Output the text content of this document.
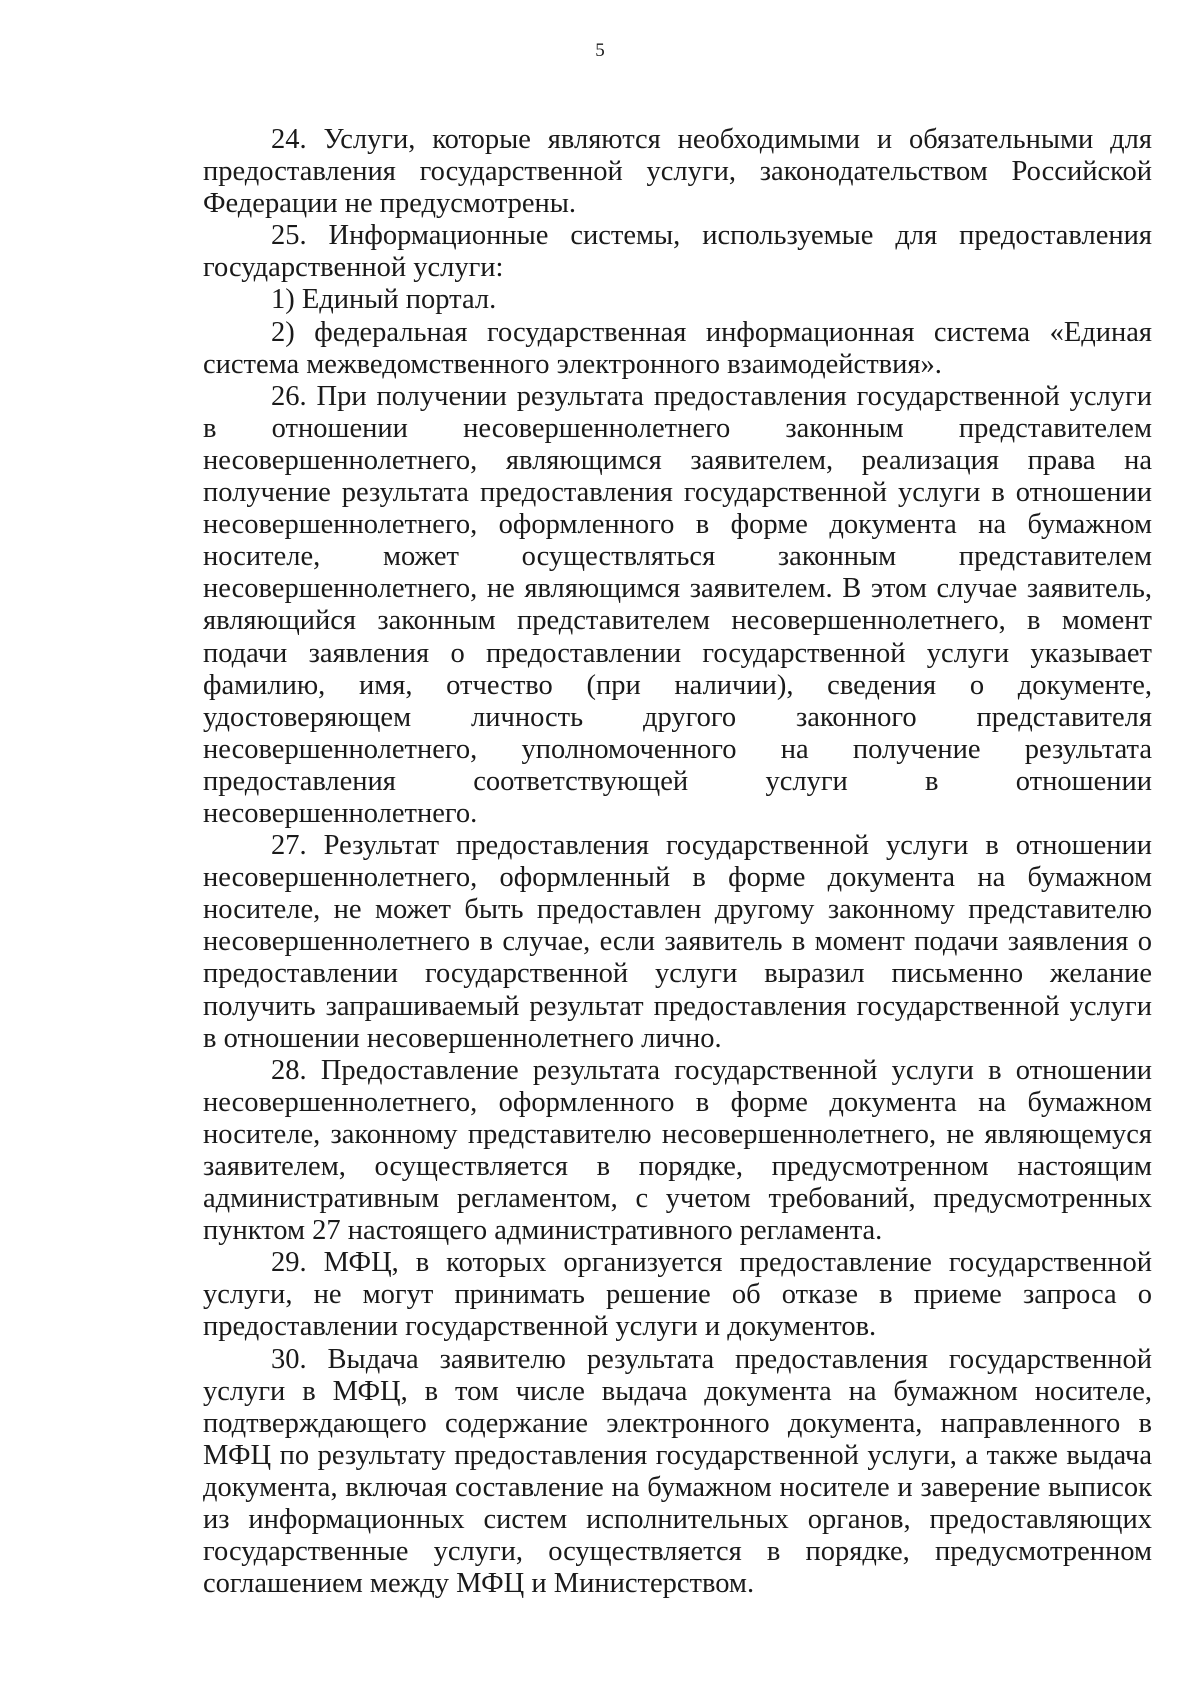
5

24. Услуги, которые являются необходимыми и обязательными для предоставления государственной услуги, законодательством Российской Федерации не предусмотрены.

25. Информационные системы, используемые для предоставления государственной услуги:

1) Единый портал.

2) федеральная государственная информационная система «Единая система межведомственного электронного взаимодействия».

26. При получении результата предоставления государственной услуги в отношении несовершеннолетнего законным представителем несовершеннолетнего, являющимся заявителем, реализация права на получение результата предоставления государственной услуги в отношении несовершеннолетнего, оформленного в форме документа на бумажном носителе, может осуществляться законным представителем несовершеннолетнего, не являющимся заявителем. В этом случае заявитель, являющийся законным представителем несовершеннолетнего, в момент подачи заявления о предоставлении государственной услуги указывает фамилию, имя, отчество (при наличии), сведения о документе, удостоверяющем личность другого законного представителя несовершеннолетнего, уполномоченного на получение результата предоставления соответствующей услуги в отношении несовершеннолетнего.

27. Результат предоставления государственной услуги в отношении несовершеннолетнего, оформленный в форме документа на бумажном носителе, не может быть предоставлен другому законному представителю несовершеннолетнего в случае, если заявитель в момент подачи заявления о предоставлении государственной услуги выразил письменно желание получить запрашиваемый результат предоставления государственной услуги в отношении несовершеннолетнего лично.

28. Предоставление результата государственной услуги в отношении несовершеннолетнего, оформленного в форме документа на бумажном носителе, законному представителю несовершеннолетнего, не являющемуся заявителем, осуществляется в порядке, предусмотренном настоящим административным регламентом, с учетом требований, предусмотренных пунктом 27 настоящего административного регламента.

29. МФЦ, в которых организуется предоставление государственной услуги, не могут принимать решение об отказе в приеме запроса о предоставлении государственной услуги и документов.

30. Выдача заявителю результата предоставления государственной услуги в МФЦ, в том числе выдача документа на бумажном носителе, подтверждающего содержание электронного документа, направленного в МФЦ по результату предоставления государственной услуги, а также выдача документа, включая составление на бумажном носителе и заверение выписок из информационных систем исполнительных органов, предоставляющих государственные услуги, осуществляется в порядке, предусмотренном соглашением между МФЦ и Министерством.
